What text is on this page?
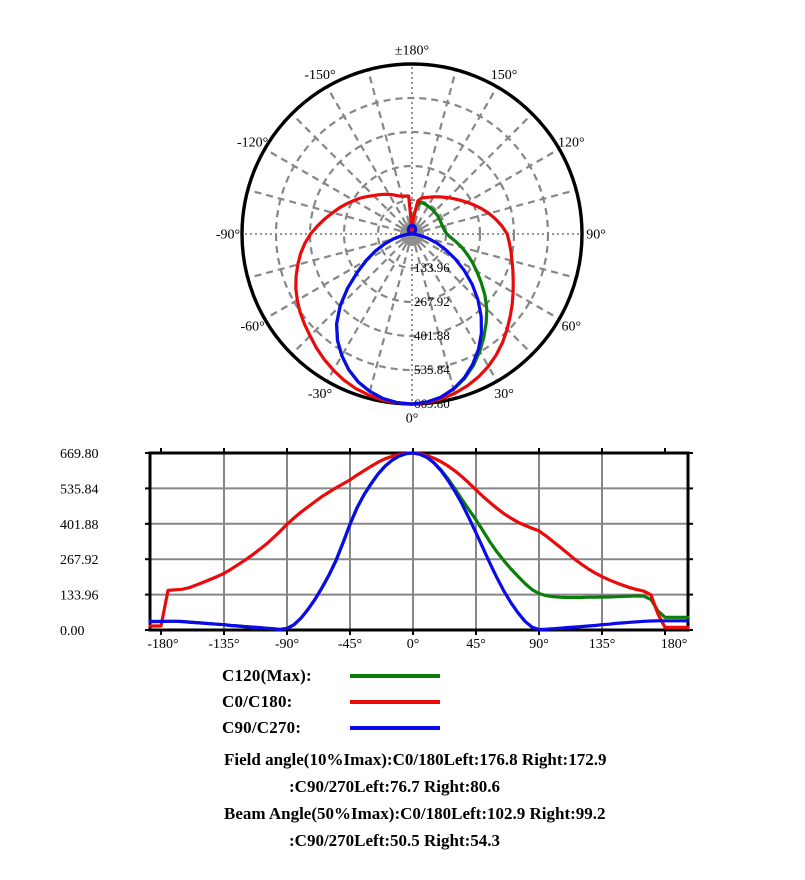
133.96
267.92
401.88
535.84
669.80
±180°
-150°
-120°
-90°
-60°
-30°
0°
30°
60°
90°
120°
150°
669.80
535.84
401.88
267.92
133.96
0.00
-180° -135°	-90°	-45°	0°	45°	90°	135°	180°
C120(Max):
C0/C180:
C90/C270:
Field angle(10%Imax):C0/180Left:176.8 Right:172.9
:C90/270Left:76.7 Right:80.6
Beam Angle(50%Imax):C0/180Left:102.9 Right:99.2
:C90/270Left:50.5 Right:54.3
